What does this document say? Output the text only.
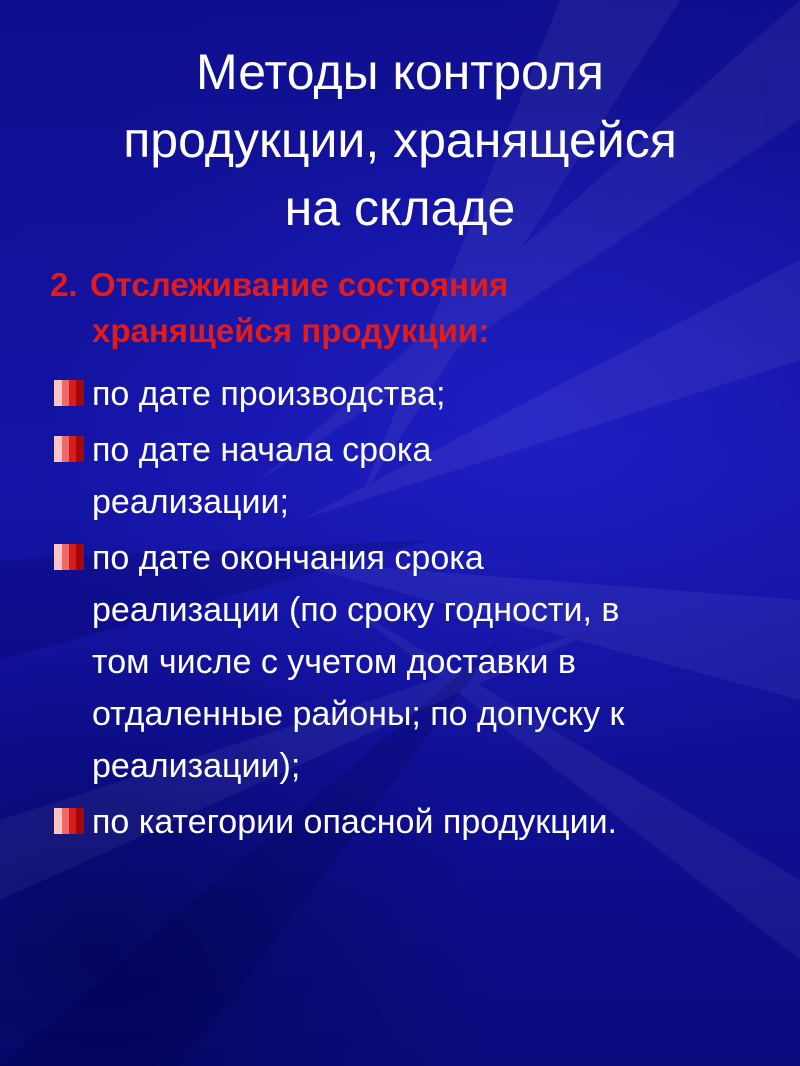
Методы контроля
продукции, хранящейся
на складе
2. Отслеживание состояния
хранящейся продукции:
по дате производства;
по дате начала срока
реализации;
по дате окончания срока
реализации (по сроку годности, в
том числе с учетом доставки в
отдаленные районы; по допуску к
реализации);
по категории опасной продукции.
